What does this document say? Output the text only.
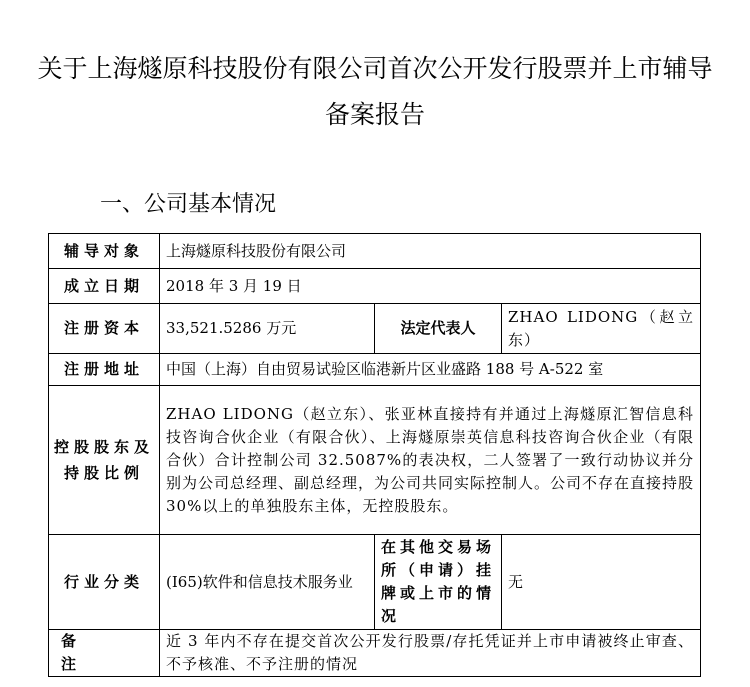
关于上海燧原科技股份有限公司首次公开发行股票并上市辅导备案报告
一、公司基本情况
辅导对象	上海燧原科技股份有限公司		
成立日期	2018 年 3 月 19 日		
注册资本	33,521.5286 万元	法定代表人	ZHAO LIDONG（赵立东）
注册地址	中国（上海）自由贸易试验区临港新片区业盛路 188 号 A-522 室		
控股股东及持股比例	ZHAO LIDONG（赵立东）、张亚林直接持有并通过上海燧原汇智信息科技咨询合伙企业（有限合伙）、上海燧原崇英信息科技咨询合伙企业（有限合伙）合计控制公司 32.5087%的表决权，二人签署了一致行动协议并分别为公司总经理、副总经理，为公司共同实际控制人。公司不存在直接持股 30%以上的单独股东主体，无控股股东。		
行业分类	(I65)软件和信息技术服务业	在其他交易场所（申请）挂牌或上市的情况	无
备注	近 3 年内不存在提交首次公开发行股票/存托凭证并上市申请被终止审查、不予核准、不予注册的情况		
